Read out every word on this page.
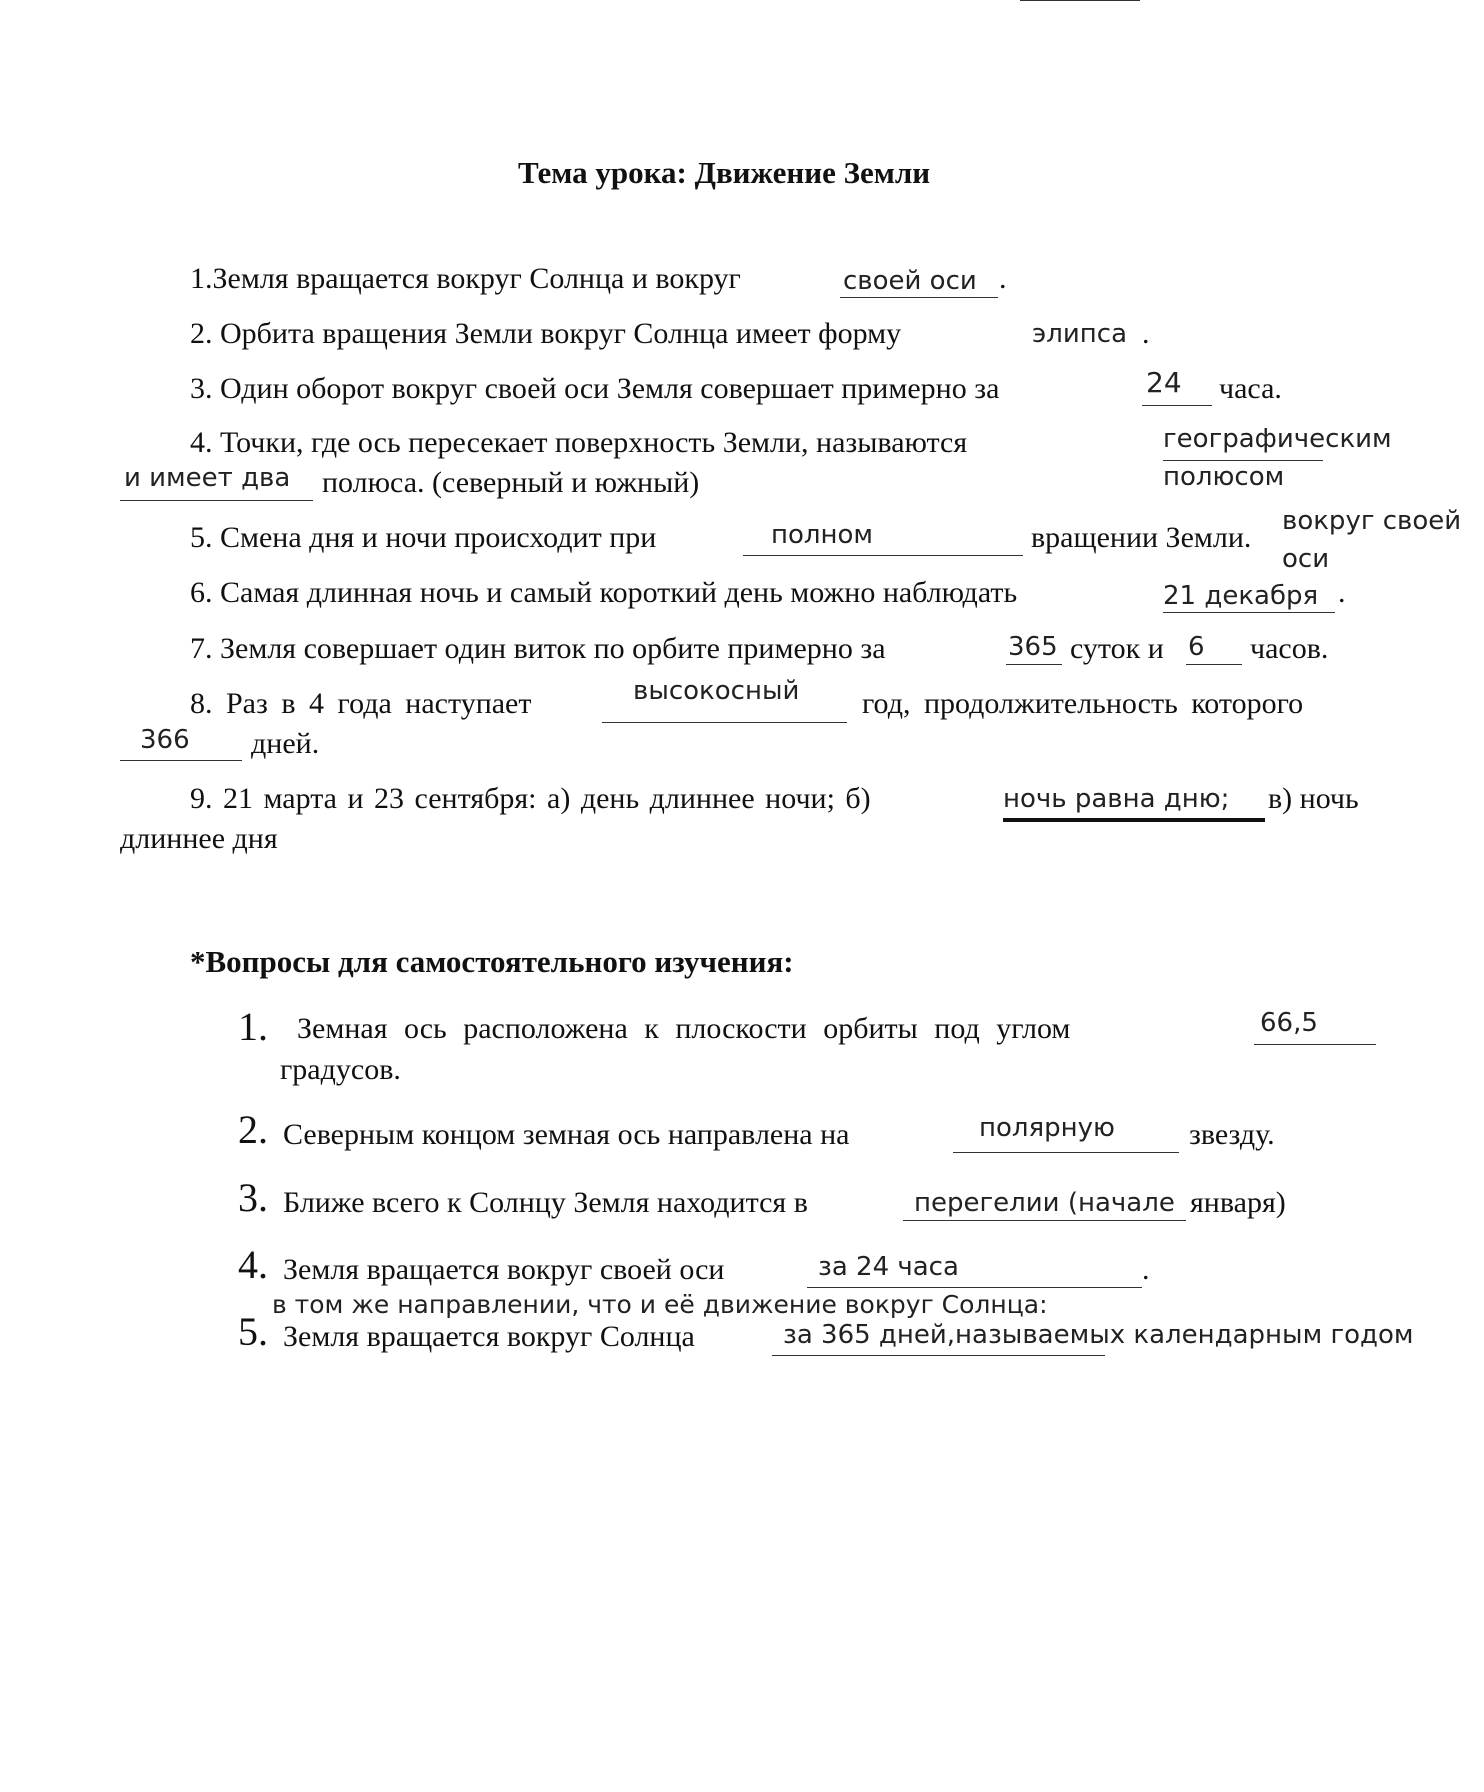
Тема урока: Движение Земли
1.Земля вращается вокруг Солнца и вокруг	своей оси .
2. Орбита вращения Земли вокруг Солнца имеет форму	элипса .
3. Один оборот вокруг своей оси Земля совершает примерно за	24 часа.
4. Точки, где ось пересекает поверхность Земли, называются	географическим
полюсом
и имеет два полюса. (северный и южный)
5. Смена дня и ночи происходит при	полном	вращении Земли. вокруг своей
оси
6. Самая длинная ночь и самый короткий день можно наблюдать	21 декабря .
7. Земля совершает один виток по орбите примерно за	365 суток и 6 часов.
8. Раз в 4 года наступает	высокосный год, продолжительность которого
366 дней.
9. 21 марта и 23 сентября: а) день длиннее ночи; б)	ночь равна дню; в) ночь
длиннее дня
*Вопросы для самостоятельного изучения:
1. Земная ось расположена к плоскости орбиты под углом	66,5
градусов.
2. Северным концом земная ось направлена на	полярную звезду.
3. Ближе всего к Солнцу Земля находится в	перегелии (начале января)
4. Земля вращается вокруг своей оси	за 24 часа	.
в том же направлении, что и её движение вокруг Солнца:
5. Земля вращается вокруг Солнца	за 365 дней,называемых календарным годом
